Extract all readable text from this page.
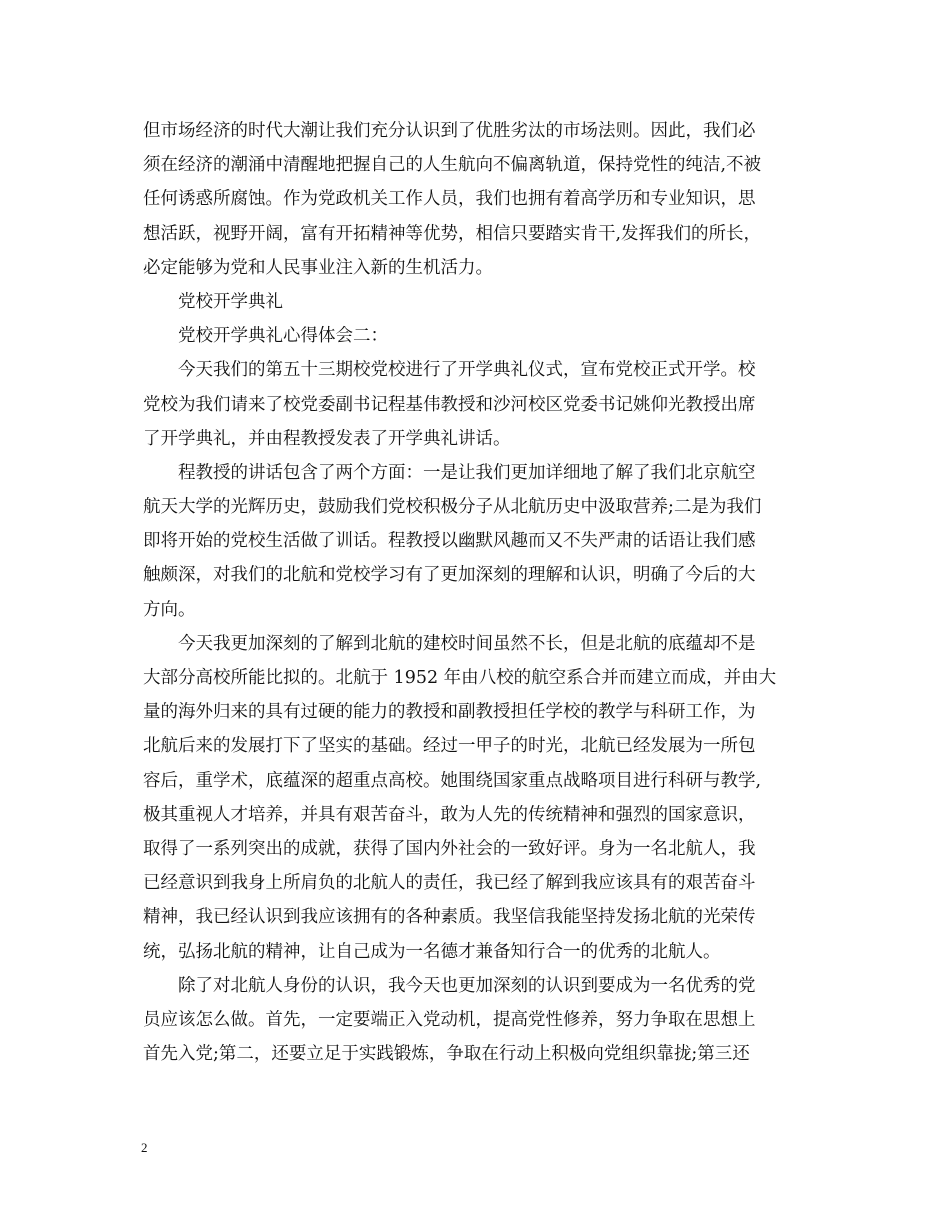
但市场经济的时代大潮让我们充分认识到了优胜劣汰的市场法则。因此，我们必
须在经济的潮涌中清醒地把握自己的人生航向不偏离轨道，保持党性的纯洁,不被
任何诱惑所腐蚀。作为党政机关工作人员，我们也拥有着高学历和专业知识，思
想活跃，视野开阔，富有开拓精神等优势，相信只要踏实肯干,发挥我们的所长，
必定能够为党和人民事业注入新的生机活力。
党校开学典礼
党校开学典礼心得体会二：
今天我们的第五十三期校党校进行了开学典礼仪式，宣布党校正式开学。校
党校为我们请来了校党委副书记程基伟教授和沙河校区党委书记姚仰光教授出席
了开学典礼，并由程教授发表了开学典礼讲话。
程教授的讲话包含了两个方面：一是让我们更加详细地了解了我们北京航空
航天大学的光辉历史，鼓励我们党校积极分子从北航历史中汲取营养;二是为我们
即将开始的党校生活做了训话。程教授以幽默风趣而又不失严肃的话语让我们感
触颇深，对我们的北航和党校学习有了更加深刻的理解和认识，明确了今后的大
方向。
今天我更加深刻的了解到北航的建校时间虽然不长，但是北航的底蕴却不是
大部分高校所能比拟的。北航于 1952 年由八校的航空系合并而建立而成，并由大
量的海外归来的具有过硬的能力的教授和副教授担任学校的教学与科研工作，为
北航后来的发展打下了坚实的基础。经过一甲子的时光，北航已经发展为一所包
容后，重学术，底蕴深的超重点高校。她围绕国家重点战略项目进行科研与教学,
极其重视人才培养，并具有艰苦奋斗，敢为人先的传统精神和强烈的国家意识，
取得了一系列突出的成就，获得了国内外社会的一致好评。身为一名北航人，我
已经意识到我身上所肩负的北航人的责任，我已经了解到我应该具有的艰苦奋斗
精神，我已经认识到我应该拥有的各种素质。我坚信我能坚持发扬北航的光荣传
统，弘扬北航的精神，让自己成为一名德才兼备知行合一的优秀的北航人。
除了对北航人身份的认识，我今天也更加深刻的认识到要成为一名优秀的党
员应该怎么做。首先，一定要端正入党动机，提高党性修养，努力争取在思想上
首先入党;第二，还要立足于实践锻炼，争取在行动上积极向党组织靠拢;第三还
2
